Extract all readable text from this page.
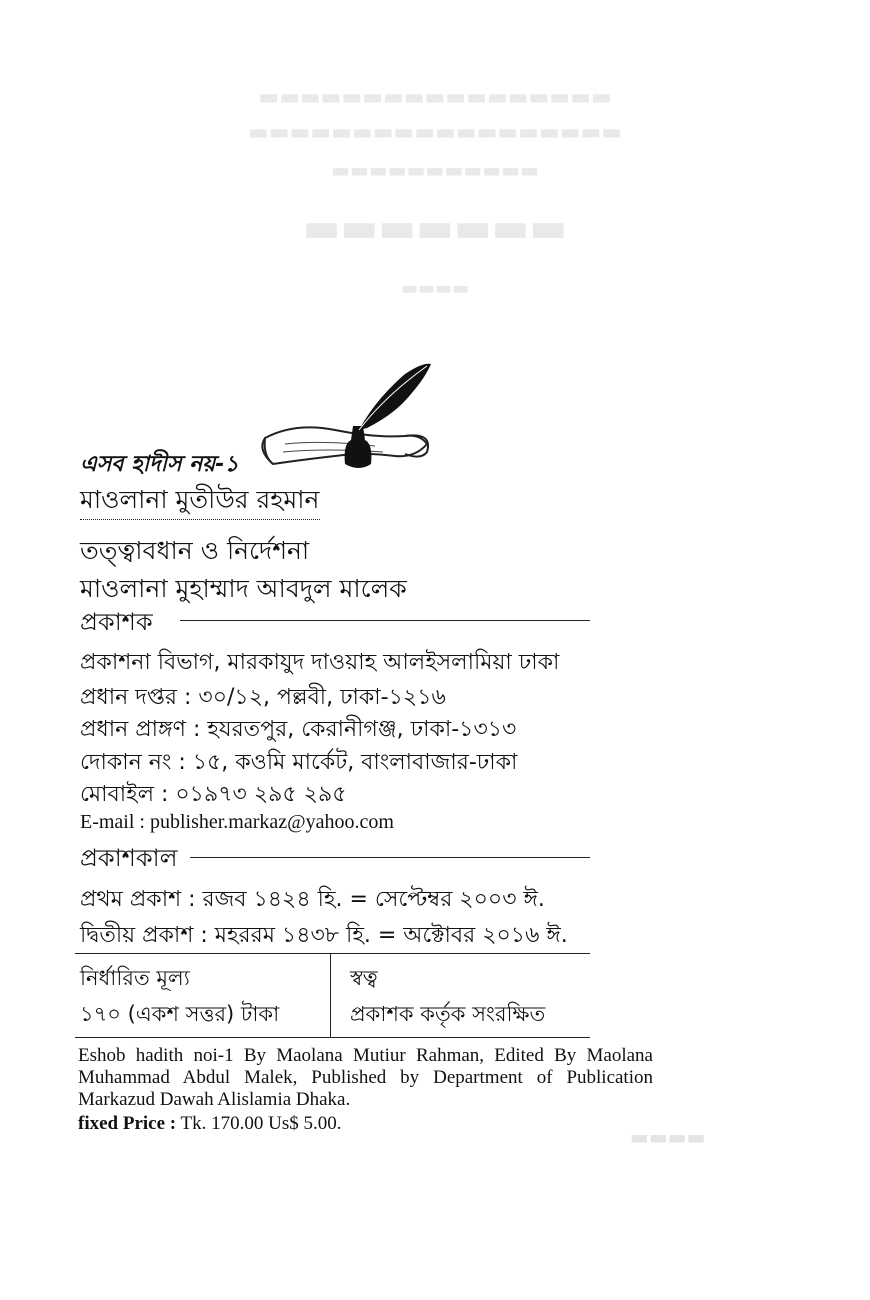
▬▬▬▬▬▬▬▬▬▬▬▬▬▬▬▬▬
▬▬▬▬▬▬▬▬▬▬▬▬▬▬▬▬▬▬
▬▬▬▬▬▬▬▬▬▬▬
▬▬▬▬▬▬▬
▬▬▬▬
এসব হাদীস নয়-১
মাওলানা মুতীউর রহমান
তত্ত্বাবধান ও নির্দেশনা
মাওলানা মুহাম্মাদ আবদুল মালেক
প্রকাশক
প্রকাশনা বিভাগ, মারকাযুদ দাওয়াহ আলইসলামিয়া ঢাকা
প্রধান দপ্তর : ৩০/১২, পল্লবী, ঢাকা-১২১৬
প্রধান প্রাঙ্গণ : হযরতপুর, কেরানীগঞ্জ, ঢাকা-১৩১৩
দোকান নং : ১৫, কওমি মার্কেট, বাংলাবাজার-ঢাকা
মোবাইল : ০১৯৭৩ ২৯৫ ২৯৫
E-mail : publisher.markaz@yahoo.com
প্রকাশকাল
প্রথম প্রকাশ : রজব ১৪২৪ হি. = সেপ্টেম্বর ২০০৩ ঈ.
দ্বিতীয় প্রকাশ : মহররম ১৪৩৮ হি. = অক্টোবর ২০১৬ ঈ.
নির্ধারিত মূল্য
১৭০ (একশ সত্তর) টাকা
স্বত্ব
প্রকাশক কর্তৃক সংরক্ষিত
Eshob hadith noi-1 By Maolana Mutiur Rahman, Edited By Maolana Muhammad Abdul Malek, Published by Department of Publication Markazud Dawah Alislamia Dhaka.
fixed Price : Tk. 170.00 Us$ 5.00.
▬▬▬▬
